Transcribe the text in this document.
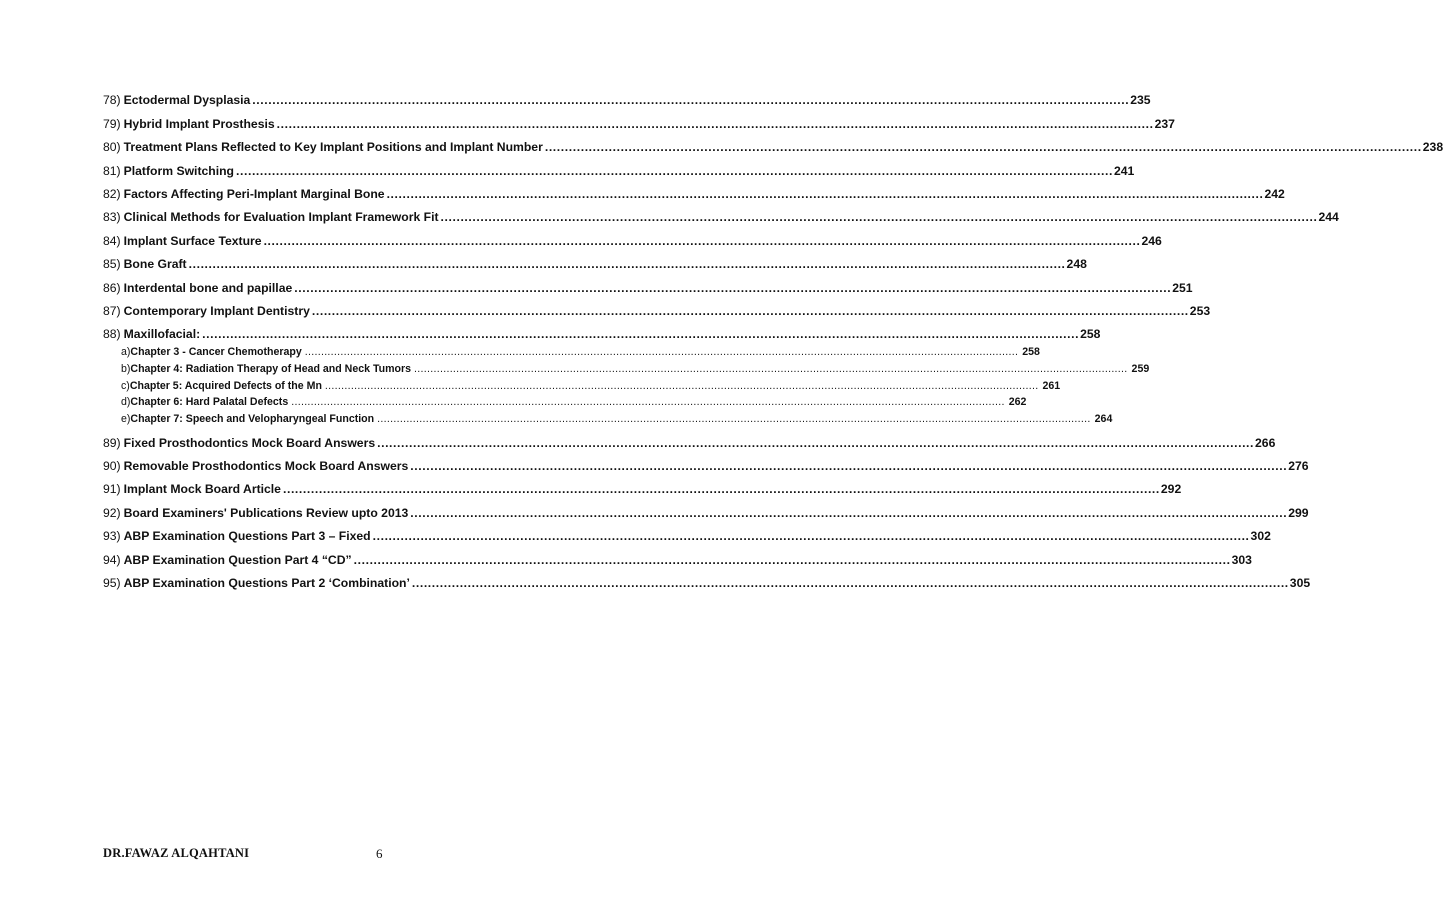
78) Ectodermal Dysplasia ............................................................................................................................................................................................................................ 235
79) Hybrid Implant Prosthesis ............................................................................................................................................................................................................................ 237
80) Treatment Plans Reflected to Key Implant Positions and Implant Number ............................................................................................................................................................................................................................ 238
81) Platform Switching ............................................................................................................................................................................................................................ 241
82) Factors Affecting Peri-Implant Marginal Bone ............................................................................................................................................................................................................................ 242
83) Clinical Methods for Evaluation Implant Framework Fit ............................................................................................................................................................................................................................ 244
84) Implant Surface Texture ............................................................................................................................................................................................................................ 246
85) Bone Graft ............................................................................................................................................................................................................................ 248
86) Interdental bone and papillae ............................................................................................................................................................................................................................ 251
87) Contemporary Implant Dentistry ............................................................................................................................................................................................................................ 253
88) Maxillofacial: ............................................................................................................................................................................................................................ 258
a) Chapter 3 - Cancer Chemotherapy ............................................................................................................................................................................................................................ 258
b) Chapter 4: Radiation Therapy of Head and Neck Tumors ............................................................................................................................................................................................................................ 259
c) Chapter 5: Acquired Defects of the Mn ............................................................................................................................................................................................................................ 261
d) Chapter 6: Hard Palatal Defects ............................................................................................................................................................................................................................ 262
e) Chapter 7: Speech and Velopharyngeal Function ............................................................................................................................................................................................................................ 264
89) Fixed Prosthodontics Mock Board Answers ............................................................................................................................................................................................................................ 266
90) Removable Prosthodontics Mock Board Answers ............................................................................................................................................................................................................................ 276
91) Implant Mock Board Article ............................................................................................................................................................................................................................ 292
92) Board Examiners' Publications Review upto 2013 ............................................................................................................................................................................................................................ 299
93) ABP Examination Questions Part 3 – Fixed ............................................................................................................................................................................................................................ 302
94) ABP Examination Question Part 4 “CD” ............................................................................................................................................................................................................................ 303
95) ABP Examination Questions Part 2 ‘Combination’ ............................................................................................................................................................................................................................ 305
DR.FAWAZ ALQAHTANI	6
